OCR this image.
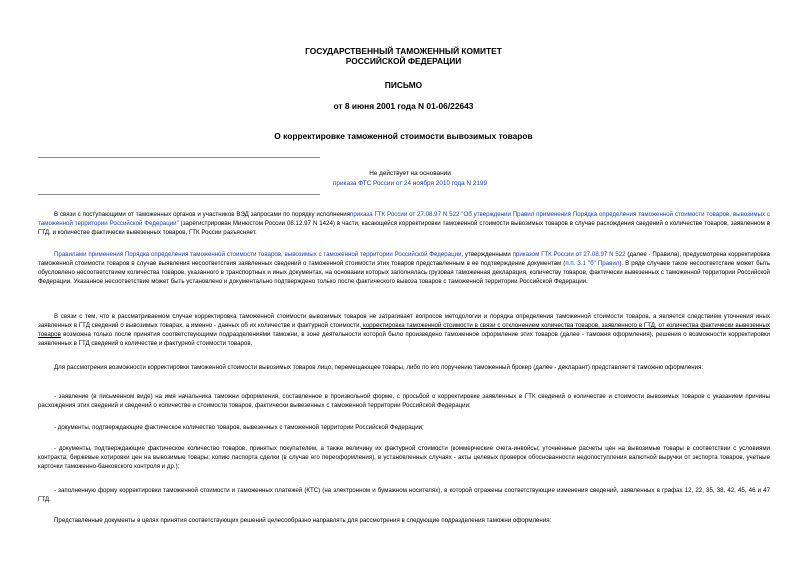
ГОСУДАРСТВЕННЫЙ ТАМОЖЕННЫЙ КОМИТЕТ
РОССИЙСКОЙ ФЕДЕРАЦИИ
ПИСЬМО
от 8 июня 2001 года N 01-06/22643
О корректировке таможенной стоимости вывозимых товаров
Не действует на основании
приказа ФТС России от 24 ноября 2010 года N 2199
В связи с поступающими от таможенных органов и участников ВЭД запросами по порядку исполненияприказа ГТК России от 27.08.97 N 522 "Об утверждении Правил применения Порядка определения таможенной стоимости товаров, вывозимых с таможенной территории Российской Федерации" (зарегистрирован Минюстом России 08.12.97 N 1424) в части, касающейся корректировки таможенной стоимости вывозимых товаров в случае расхождения сведений о количестве товаров, заявленном в ГТД, и количестве фактически вывезенных товаров, ГТК России разъясняет.
Правилами применения Порядка определения таможенной стоимости товаров, вывозимых с таможенной территории Российской Федерации, утвержденными приказом ГТК России от 27.08.97 N 522 (далее - Правила), предусмотрена корректировка таможенной стоимости товаров в случае выявления несоответствия заявленных сведений о таможенной стоимости этих товаров представленным в ее подтверждение документам (п.п. 3.1 "б" Правил). В ряде случаев такое несоответствие может быть обусловлено несоответствием количества товаров, указанного в транспортных и иных документах, на основании которых заполнялась грузовая таможенная декларация, количеству товаров, фактически вывезенных с таможенной территории Российской Федерации. Указанное несоответствие может быть установлено и документально подтверждено только после фактического вывоза товаров с таможенной территории Российской Федерации.
В связи с тем, что в рассматриваемом случае корректировка таможенной стоимости вывозимых товаров не затрагивает вопросов методологии и порядка определения таможенной стоимости товаров, а является следствием уточнения иных заявленных в ГТД сведений о вывозимых товарах, а именно - данных об их количестве и фактурной стоимости, корректировка таможенной стоимости в связи с отклонением количества товаров, заявленного в ГТД, от количества фактически вывезенных товаров возможна только после принятия соответствующими подразделениями таможни, в зоне деятельности которой было произведено таможенное оформление этих товаров (далее - таможня оформления), решения о возможности корректировки заявленных в ГТД сведений о количестве и фактурной стоимости товаров.
Для рассмотрения возможности корректировки таможенной стоимости вывозимых товаров лицо, перемещающее товары, либо по его поручению таможенный брокер (далее - декларант) представляет в таможню оформления:
- заявление (в письменном виде) на имя начальника таможни оформления, составленное в произвольной форме, с просьбой о корректировке заявленных в ГТК сведений о количестве и стоимости вывозимых товаров с указанием причины расхождения этих сведений и сведений о количестве и стоимости товаров, фактически вывезенных с таможенной территории Российской Федерации;
- документы, подтверждающие фактическое количество товаров, вывезенных с таможенной территории Российской Федерации;
- документы, подтверждающие фактическое количество товаров, принятых покупателем, а также величину их фактурной стоимости (коммерческие счета-инвойсы; уточненные расчеты цен на вывозимые товары в соответствии с условиями контракта; биржевые котировки цен на вывозимые товары; копию паспорта сделки (в случае его переоформления), в установленных случаях - акты целевых проверок обоснованности недопоступления валютной выручки от экспорта товаров, учетные карточки таможенно-банковского контроля и др.);
- заполненную форму корректировки таможенной стоимости и таможенных платежей (КТС) (на электронном и бумажном носителях), в которой отражены соответствующие изменения сведений, заявленных в графах 12, 22, 35, 38, 42, 45, 46 и 47 ГТД.
Представленные документы в целях принятия соответствующих решений целесообразно направлять для рассмотрения в следующие подразделения таможни оформления:
